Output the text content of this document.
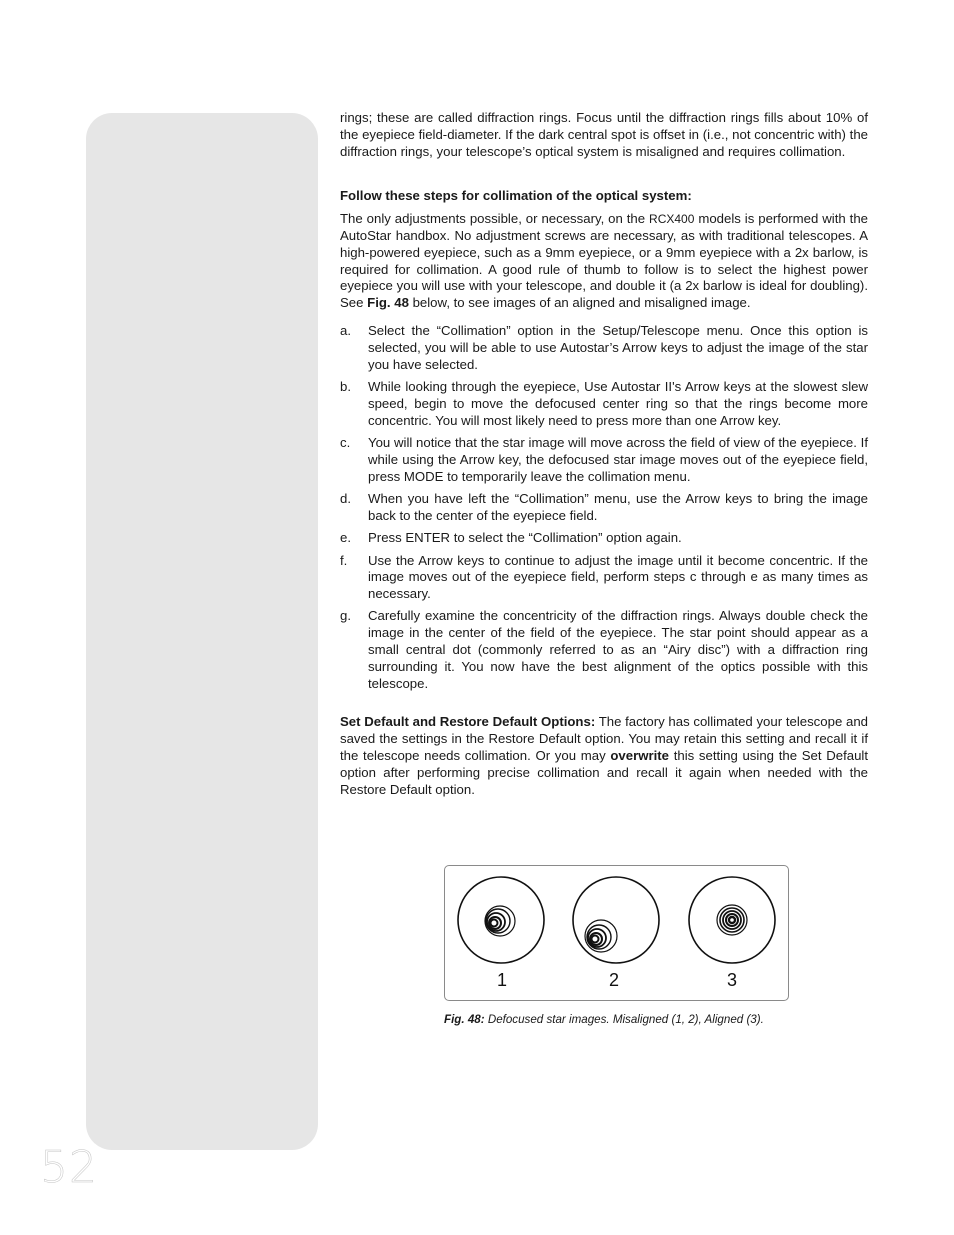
52

rings; these are called diffraction rings. Focus until the diffraction rings fills about 10% of the eyepiece field-diameter. If the dark central spot is offset in (i.e., not concentric with) the diffraction rings, your telescope’s optical system is misaligned and requires collimation.

Follow these steps for collimation of the optical system:

The only adjustments possible, or necessary, on the RCX400 models is performed with the AutoStar handbox. No adjustment screws are necessary, as with traditional telescopes. A high-powered eyepiece, such as a 9mm eyepiece, or a 9mm eyepiece with a 2x barlow, is required for collimation. A good rule of thumb to follow is to select the highest power eyepiece you will use with your telescope, and double it (a 2x barlow is ideal for doubling). See Fig. 48 below, to see images of an aligned and misaligned image.

a.	Select the “Collimation” option in the Setup/Telescope menu. Once this option is selected, you will be able to use Autostar’s Arrow keys to adjust the image of the star you have selected.
b.	While looking through the eyepiece, Use Autostar II's Arrow keys at the slowest slew speed, begin to move the defocused center ring so that the rings become more concentric. You will most likely need to press more than one Arrow key.
c.	You will notice that the star image will move across the field of view of the eyepiece. If while using the Arrow key, the defocused star image moves out of the eyepiece field, press MODE to temporarily leave the collimation menu.
d.	When you have left the “Collimation” menu, use the Arrow keys to bring the image back to the center of the eyepiece field.
e.	Press ENTER to select the “Collimation” option again.
f.	Use the Arrow keys to continue to adjust the image until it become concentric. If the image moves out of the eyepiece field, perform steps c through e as many times as necessary.
g.	Carefully examine the concentricity of the diffraction rings. Always double check the image in the center of the field of the eyepiece. The star point should appear as a small central dot (commonly referred to as an “Airy disc”) with a diffraction ring surrounding it. You now have the best alignment of the optics possible with this telescope.

Set Default and Restore Default Options: The factory has collimated your telescope and saved the settings in the Restore Default option. You may retain this setting and recall it if the telescope needs collimation. Or you may overwrite this setting using the Set Default option after performing precise collimation and recall it again when needed with the Restore Default option.

1	2	3
Fig. 48: Defocused star images. Misaligned (1, 2), Aligned (3).
